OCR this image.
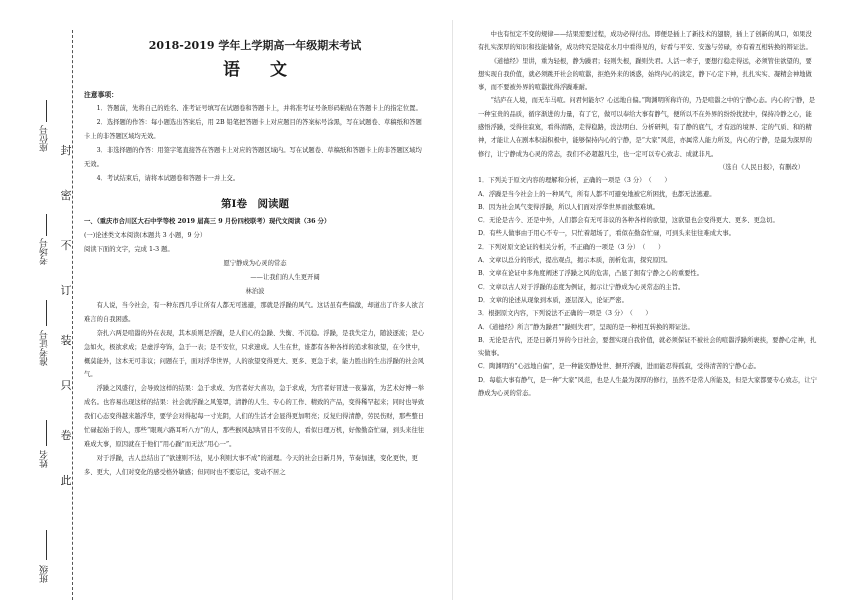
封
密
不
订
装
只
卷
此
座位号
考场号
准考证号
姓名
班级
2018-2019 学年上学期高一年级期末考试
语文

注意事项：

1．答题前，先将自己的姓名、准考证号填写在试题卷和答题卡上，并将准考证号条形码粘贴在答题卡上的指定位置。

2．选择题的作答：每小题选出答案后，用 2B 铅笔把答题卡上对应题目的答案标号涂黑，写在试题卷、草稿纸和答题卡上的非答题区域均无效。

3．非选择题的作答：用签字笔直接答在答题卡上对应的答题区域内。写在试题卷、草稿纸和答题卡上的非答题区域均无效。

4．考试结束后，请将本试题卷和答题卡一并上交。

第Ⅰ卷　阅读题

一、（重庆市合川区大石中学等校 2019 届高三 9 月份四校联考）现代文阅读（36 分）

(一)论述类文本阅读(本题共 3 小题，9 分）

阅读下面的文字，完成 1-3 题。

愿宁静成为心灵的常态

——让我们的人生更开阔

林治波

有人说，当今社会，有一种东西几乎让所有人都无可逃避，那就是浮躁的风气。这话虽有些偏激，却道出了许多人欲言难言的自我困惑。

奈扎六两是喧嚣的外在表现，其本质则是浮躁，是人们心的急躁、失衡、不沉稳。浮躁，是我失定力，随波逐流；是心急如火，极欲求成；是虚浮夸饰，急于一表；是不安位，只求速成。人生在世，谁都有各种各样的追求和欲望，在今世中，概莫能外，这本无可非议；问题在于，面对浮华世界，人的欲望变得更大、更多、更急于求，能力胜出的生出浮躁的社会风气。

浮躁之风盛行，会导致这样的结果：急于求成、为官者好大喜功，急于求成，为官者好冒进一夜暴富，为艺术好博一举成名。也容易出现这样的结果：社会就浮躁之风笼罩，清静的人生、专心的工作、精致的产品，变得稀罕起来；同时也导致我们心态变得越来越浮华，要学会对得起每一寸光阴，人们的生活才会显得更加明亮；反复归得清静，劳民伤财，那些整日忙碌起始于的人，那些“眼观六路耳听八方”的人，那些猴风起哄冒目不安的人，看似日理万机，好像勤奋忙碌，到头来往往难成大事，原因就在于他们“用心躁”而无法“用心一”。

对于浮躁，古人总结出了“欲速则不达，见小利则大事不成”的道理。今天的社会日新月异，节奏加速，变化更快，更多、更大，人们对变化的感受格外敏感；但同时也不要忘记，变动不居之

中也有恒定不变的规律——结果需要过程，成功必得付出。即便是插上了新技术的翅膀，插上了创新的风口，如果没有扎实深厚的知识和技能储备，成功终究是镜花水月中看得见的，好看与平安、安逸与劳碌，亦有着互相转换的辩证法。

《道德经》里讲，重为轻根，静为躁君；轻则失根，躁则失君。人活一辈子，要想行稳走得远，必须管住欲望的，要想实现自我价值，就必须跳开社会的喧嚣，拒绝外来的诱惑，始终内心的淡定，静下心定下神，扎扎实实、凝精会神地做事，而不要被外界的喧嚣扰得浮躁难耐。

“结庐在人境，而无车马喧。问君何能尔？心远地自偏。”陶渊明所称许的，乃是喧嚣之中的宁静心态。内心的宁静，是一种宝贵的品质，循序渐进的力量，有了它，做可以奉给大事有静气，便所以不在外界的纷纷扰扰中，保持冷静之心，能感悟浮躁，受得住寂寞，看得清路，走得稳路，没法明白、分析研判，有了静的底气，才有远的境界、定的气质、和的精神，才能让人在剧本积弱积极中，能够保持内心的宁静，是“大家”风范，亦属常人能力所及，内心的宁静，是最为深厚的修行，让宁静成为心灵的常态，我们不必超越凡尘，也一定可以专心致志、成就非凡。

（选自《人民日报》，有删改）

1．下列关于原文内容的理解和分析，正确的一项是（3 分）　（　　）

A．浮躁是当今社会上的一种风气，所有人都不可避免地被它所困扰，也都无法逃避。

B．因为社会风气变得浮躁，所以人们面对浮华世界而欲壑难填。

C．无论是古今、还是中外，人们都会有无可非议的各种各样的欲望，这欲望也会变得更大、更多、更急切。

D．有些人做事由于用心不专一，只忙着超场了，看似在勤奋忙碌，可到头来往往难成大事。

2．下列对原文论证的相关分析，不正确的一项是（3 分）　（　　）

A．文章以总分的形式，提出观点，揭示本质，剖析危害，探究原因。

B．文章在论证中多角度阐述了浮躁之风的危害，凸显了拥有宁静之心的重要性。

C．文章以古人对于浮躁的态度为例证，揭示让宁静成为心灵常态的主旨。

D．文章的论述从现象到本质，逐层深入，论证严密。

3．根据原文内容，下列说法不正确的一项是（3 分）　（　　）

A．《道德经》所言“静为躁君”“躁则失君”，呈现的是一种相互转换的辩证法。

B．无论是古代，还是日新月异的今日社会，要想实现自我价值，就必须保证不被社会的喧嚣浮躁所裹挟，要静心定神，扎实做事。

C．陶渊明的“心远地自偏”，是一种能安静处世、摒开浮躁，进而能忍得孤寂，受得清苦的宁静心态。

D．每临大事有静气，是一种“大家”风范，也是人生最为深厚的修行，虽然不是常人所能及，但是大家都要专心致志，让宁静成为心灵的常态。
